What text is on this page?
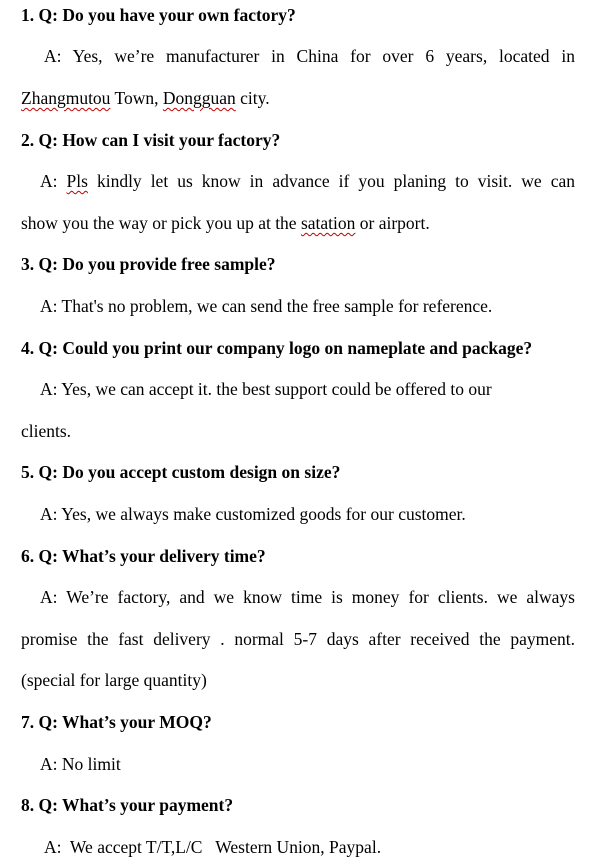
1. Q: Do you have your own factory?
A: Yes, we’re manufacturer in China for over 6 years, located in
Zhangmutou Town, Dongguan city.
2. Q: How can I visit your factory?
A: Pls kindly let us know in advance if you planing to visit. we can
show you the way or pick you up at the satation or airport.
3. Q: Do you provide free sample?
A: That's no problem, we can send the free sample for reference.
4. Q: Could you print our company logo on nameplate and package?
A: Yes, we can accept it. the best support could be offered to our
clients.
5. Q: Do you accept custom design on size?
A: Yes, we always make customized goods for our customer.
6. Q: What’s your delivery time?
A: We’re factory, and we know time is money for clients. we always
promise the fast delivery . normal 5-7 days after received the payment.
(special for large quantity)
7. Q: What’s your MOQ?
A: No limit
8. Q: What’s your payment?
A:  We accept T/T,L/C   Western Union, Paypal.
